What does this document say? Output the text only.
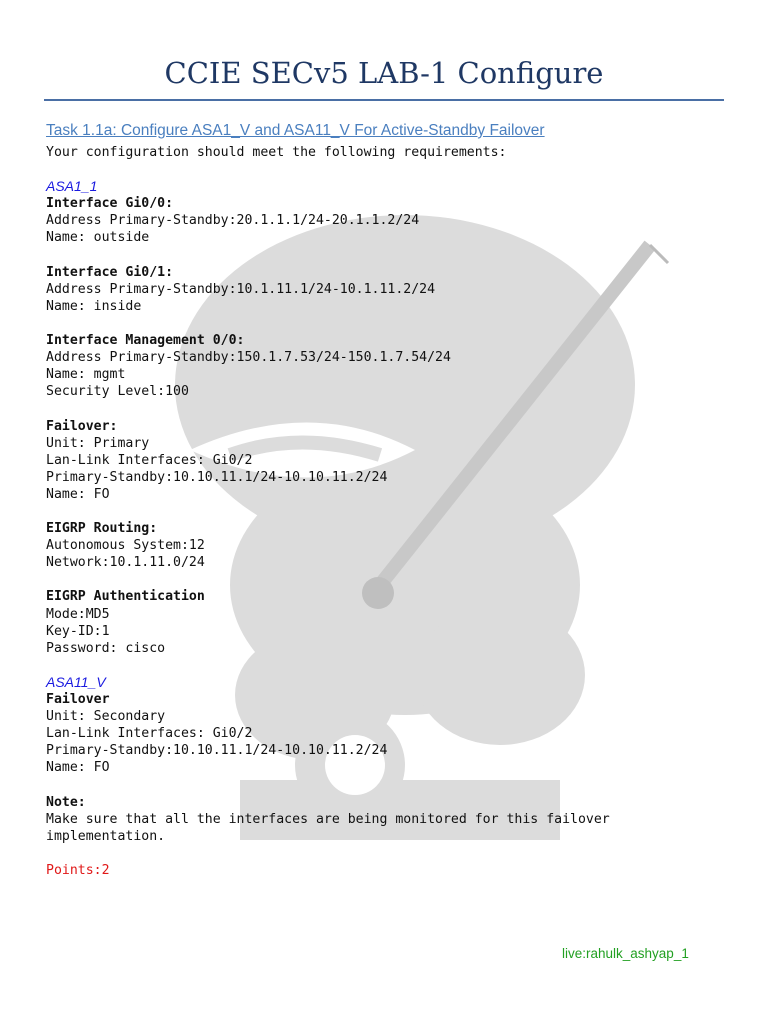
CCIE SECv5 LAB-1 Configure
Task 1.1a: Configure ASA1_V and ASA11_V For Active-Standby Failover
Your configuration should meet the following requirements:
ASA1_1
Interface Gi0/0:
Address Primary-Standby:20.1.1.1/24-20.1.1.2/24
Name: outside
Interface Gi0/1:
Address Primary-Standby:10.1.11.1/24-10.1.11.2/24
Name: inside
Interface Management 0/0:
Address Primary-Standby:150.1.7.53/24-150.1.7.54/24
Name: mgmt
Security Level:100
Failover:
Unit: Primary
Lan-Link Interfaces: Gi0/2
Primary-Standby:10.10.11.1/24-10.10.11.2/24
Name: FO
EIGRP Routing:
Autonomous System:12
Network:10.1.11.0/24
EIGRP Authentication
Mode:MD5
Key-ID:1
Password: cisco
ASA11_V
Failover
Unit: Secondary
Lan-Link Interfaces: Gi0/2
Primary-Standby:10.10.11.1/24-10.10.11.2/24
Name: FO
Note:
Make sure that all the interfaces are being monitored for this failover
implementation.
Points:2
live:rahulk_ashyap_1
